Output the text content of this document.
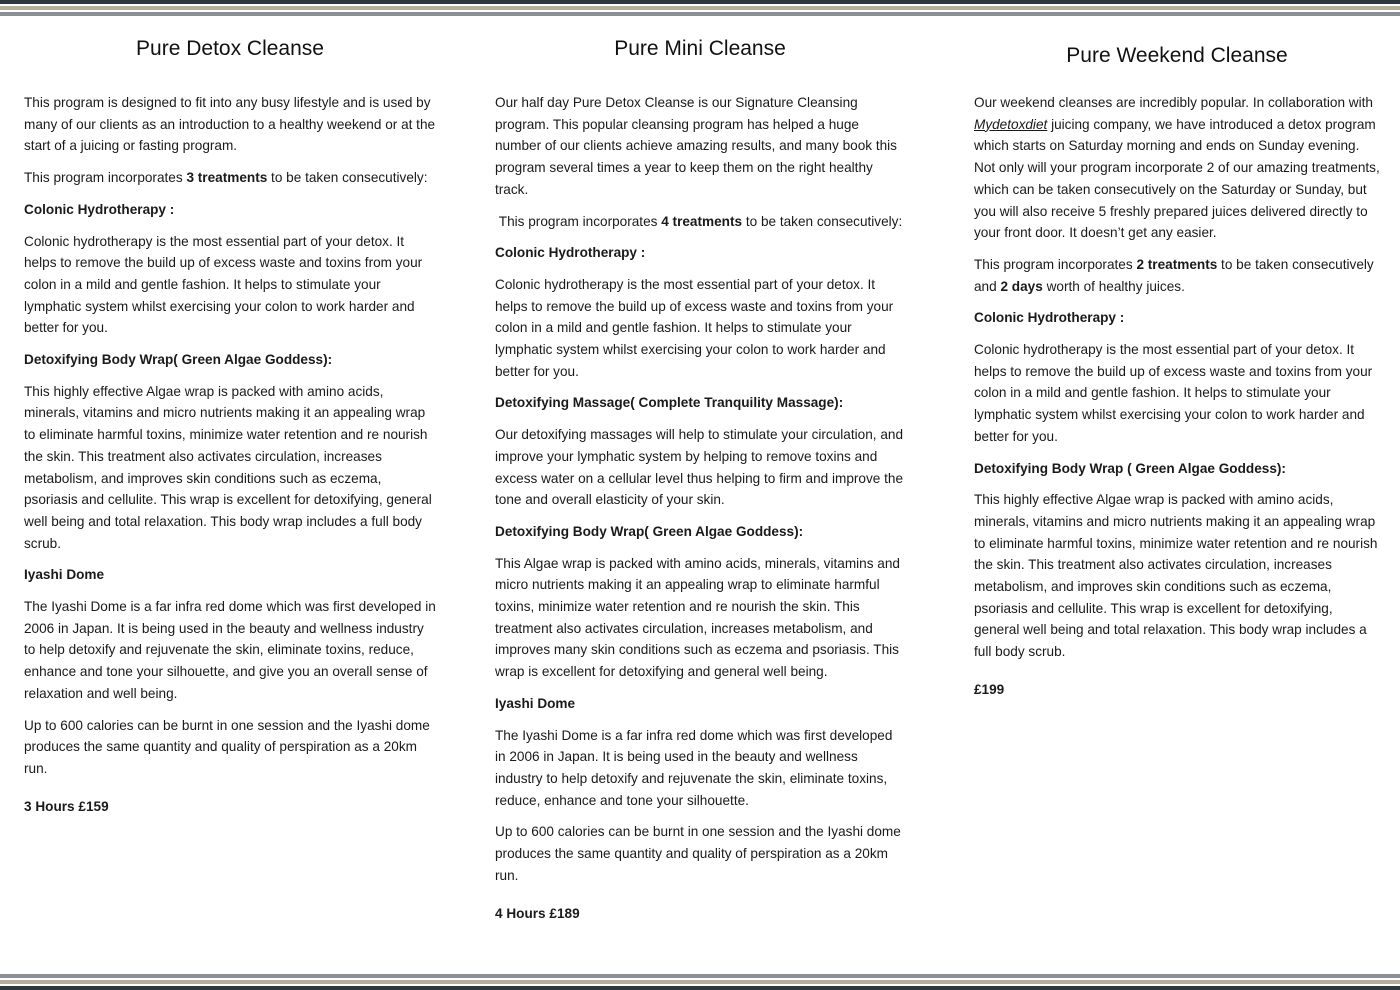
Pure Detox Cleanse

This program is designed to fit into any busy lifestyle and is used by many of our clients as an introduction to a healthy weekend or at the start of a juicing or fasting program.

This program incorporates 3 treatments to be taken consecutively:

Colonic Hydrotherapy :

Colonic hydrotherapy is the most essential part of your detox. It helps to remove the build up of excess waste and toxins from your colon in a mild and gentle fashion. It helps to stimulate your lymphatic system whilst exercising your colon to work harder and better for you.

Detoxifying Body Wrap( Green Algae Goddess):

This highly effective Algae wrap is packed with amino acids, minerals, vitamins and micro nutrients making it an appealing wrap to eliminate harmful toxins, minimize water retention and re nourish the skin. This treatment also activates circulation, increases metabolism, and improves skin conditions such as eczema, psoriasis and cellulite. This wrap is excellent for detoxifying, general well being and total relaxation. This body wrap includes a full body scrub.

Iyashi Dome

The Iyashi Dome is a far infra red dome which was first developed in 2006 in Japan. It is being used in the beauty and wellness industry to help detoxify and rejuvenate the skin, eliminate toxins, reduce, enhance and tone your silhouette, and give you an overall sense of relaxation and well being.

Up to 600 calories can be burnt in one session and the Iyashi dome produces the same quantity and quality of perspiration as a 20km run.

3 Hours £159
Pure Mini Cleanse

Our half day Pure Detox Cleanse is our Signature Cleansing program. This popular cleansing program has helped a huge number of our clients achieve amazing results, and many book this program several times a year to keep them on the right healthy track.

This program incorporates 4 treatments to be taken consecutively:

Colonic Hydrotherapy :

Colonic hydrotherapy is the most essential part of your detox. It helps to remove the build up of excess waste and toxins from your colon in a mild and gentle fashion. It helps to stimulate your lymphatic system whilst exercising your colon to work harder and better for you.

Detoxifying Massage( Complete Tranquility Massage):

Our detoxifying massages will help to stimulate your circulation, and improve your lymphatic system by helping to remove toxins and excess water on a cellular level thus helping to firm and improve the tone and overall elasticity of your skin.

Detoxifying Body Wrap( Green Algae Goddess):

This Algae wrap is packed with amino acids, minerals, vitamins and micro nutrients making it an appealing wrap to eliminate harmful toxins, minimize water retention and re nourish the skin. This treatment also activates circulation, increases metabolism, and improves many skin conditions such as eczema and psoriasis. This wrap is excellent for detoxifying and general well being.

Iyashi Dome

The Iyashi Dome is a far infra red dome which was first developed in 2006 in Japan. It is being used in the beauty and wellness industry to help detoxify and rejuvenate the skin, eliminate toxins, reduce, enhance and tone your silhouette.

Up to 600 calories can be burnt in one session and the Iyashi dome produces the same quantity and quality of perspiration as a 20km run.

4 Hours £189
Pure Weekend Cleanse

Our weekend cleanses are incredibly popular. In collaboration with Mydetoxdiet juicing company, we have introduced a detox program which starts on Saturday morning and ends on Sunday evening. Not only will your program incorporate 2 of our amazing treatments, which can be taken consecutively on the Saturday or Sunday, but you will also receive 5 freshly prepared juices delivered directly to your front door. It doesn’t get any easier.

This program incorporates 2 treatments to be taken consecutively and 2 days worth of healthy juices.

Colonic Hydrotherapy :

Colonic hydrotherapy is the most essential part of your detox. It helps to remove the build up of excess waste and toxins from your colon in a mild and gentle fashion. It helps to stimulate your lymphatic system whilst exercising your colon to work harder and better for you.

Detoxifying Body Wrap ( Green Algae Goddess):

This highly effective Algae wrap is packed with amino acids, minerals, vitamins and micro nutrients making it an appealing wrap to eliminate harmful toxins, minimize water retention and re nourish the skin. This treatment also activates circulation, increases metabolism, and improves skin conditions such as eczema, psoriasis and cellulite. This wrap is excellent for detoxifying, general well being and total relaxation. This body wrap includes a full body scrub.

£199
